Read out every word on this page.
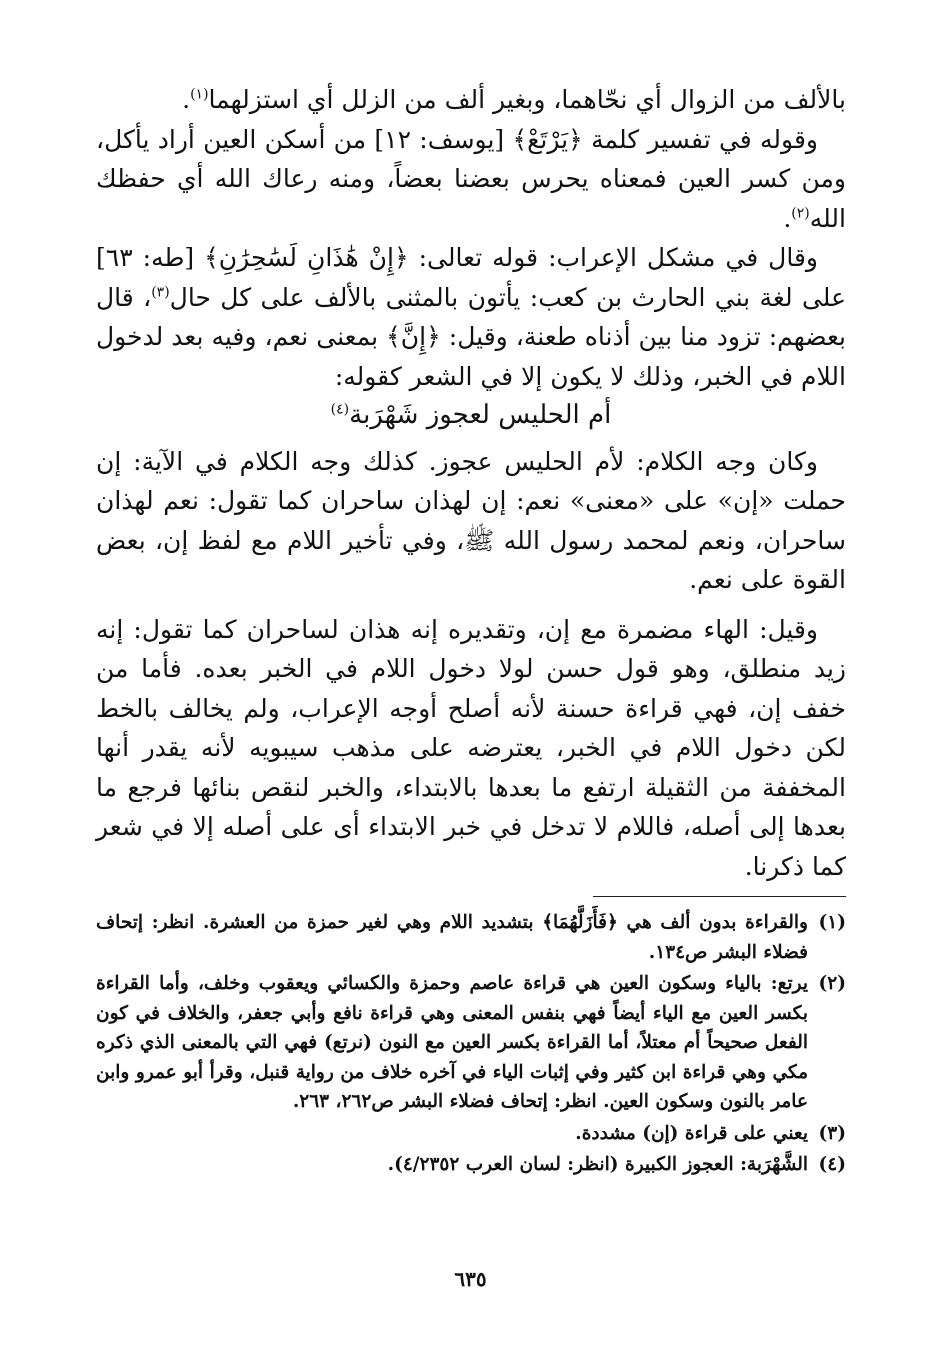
بالألف من الزوال أي نحّاهما، وبغير ألف من الزلل أي استزلهما$^{(١)}$.

وقوله في تفسير كلمة ﴿يَرْتَعْ﴾ [يوسف: ١٢] من أسكن العين أراد يأكل، ومن كسر العين فمعناه يحرس بعضنا بعضاً، ومنه رعاك الله أي حفظك الله$^{(٢)}$.

وقال في مشكل الإعراب: قوله تعالى: ﴿إِنْ هَٰذَانِ لَسَٰحِرَٰنِ﴾ [طه: ٦٣] على لغة بني الحارث بن كعب: يأتون بالمثنى بالألف على كل حال$^{(٣)}$، قال بعضهم: تزود منا بين أذناه طعنة، وقيل: ﴿إِنَّ﴾ بمعنى نعم، وفيه بعد لدخول اللام في الخبر، وذلك لا يكون إلا في الشعر كقوله:

أم الحليس لعجوز شَهْرَبة$^{(٤)}$

وكان وجه الكلام: لأم الحليس عجوز. كذلك وجه الكلام في الآية: إن حملت «إن» على «معنى» نعم: إن لهذان ساحران كما تقول: نعم لهذان ساحران، ونعم لمحمد رسول الله ﷺ، وفي تأخير اللام مع لفظ إن، بعض القوة على نعم.

وقيل: الهاء مضمرة مع إن، وتقديره إنه هذان لساحران كما تقول: إنه زيد منطلق، وهو قول حسن لولا دخول اللام في الخبر بعده. فأما من خفف إن، فهي قراءة حسنة لأنه أصلح أوجه الإعراب، ولم يخالف بالخط لكن دخول اللام في الخبر، يعترضه على مذهب سيبويه لأنه يقدر أنها المخففة من الثقيلة ارتفع ما بعدها بالابتداء، والخبر لنقص بنائها فرجع ما بعدها إلى أصله، فاللام لا تدخل في خبر الابتداء أى على أصله إلا في شعر كما ذكرنا.

(١)
والقراءة بدون ألف هي ﴿فَأَزَلَّهُمَا﴾ بتشديد اللام وهي لغير حمزة من العشرة. انظر: إتحاف فضلاء البشر ص١٣٤.
(٢)
يرتع: بالياء وسكون العين هي قراءة عاصم وحمزة والكسائي ويعقوب وخلف، وأما القراءة بكسر العين مع الياء أيضاً فهي بنفس المعنى وهي قراءة نافع وأبي جعفر، والخلاف في كون الفعل صحيحاً أم معتلاً، أما القراءة بكسر العين مع النون (نرتع) فهي التي بالمعنى الذي ذكره مكي وهي قراءة ابن كثير وفي إثبات الياء في آخره خلاف من رواية قنبل، وقرأ أبو عمرو وابن عامر بالنون وسكون العين. انظر: إتحاف فضلاء البشر ص٢٦٢، ٢٦٣.
(٣)
يعني على قراءة (إن) مشددة.
(٤)
الشَّهْرَبة: العجوز الكبيرة (انظر: لسان العرب ٤/٢٣٥٢).
٦٣٥
